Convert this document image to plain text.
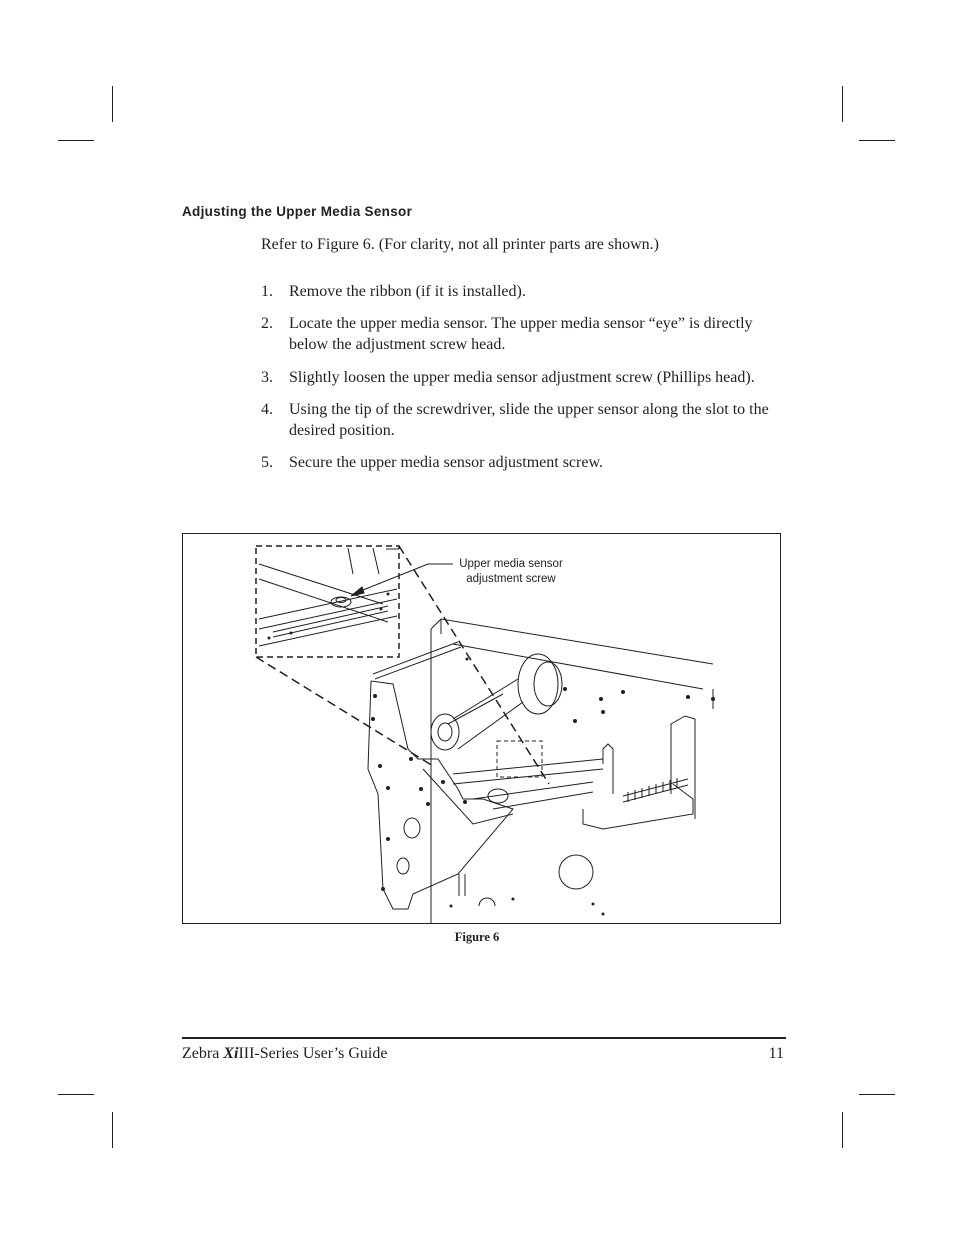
Adjusting the Upper Media Sensor

Refer to Figure 6. (For clarity, not all printer parts are shown.)

1.	Remove the ribbon (if it is installed).
2.	Locate the upper media sensor. The upper media sensor “eye” is directly below the adjustment screw head.
3.	Slightly loosen the upper media sensor adjustment screw (Phillips head).
4.	Using the tip of the screwdriver, slide the upper sensor along the slot to the desired position.
5.	Secure the upper media sensor adjustment screw.
Upper media sensor
adjustment screw
Figure 6
Zebra XiIII-Series User’s Guide	11
